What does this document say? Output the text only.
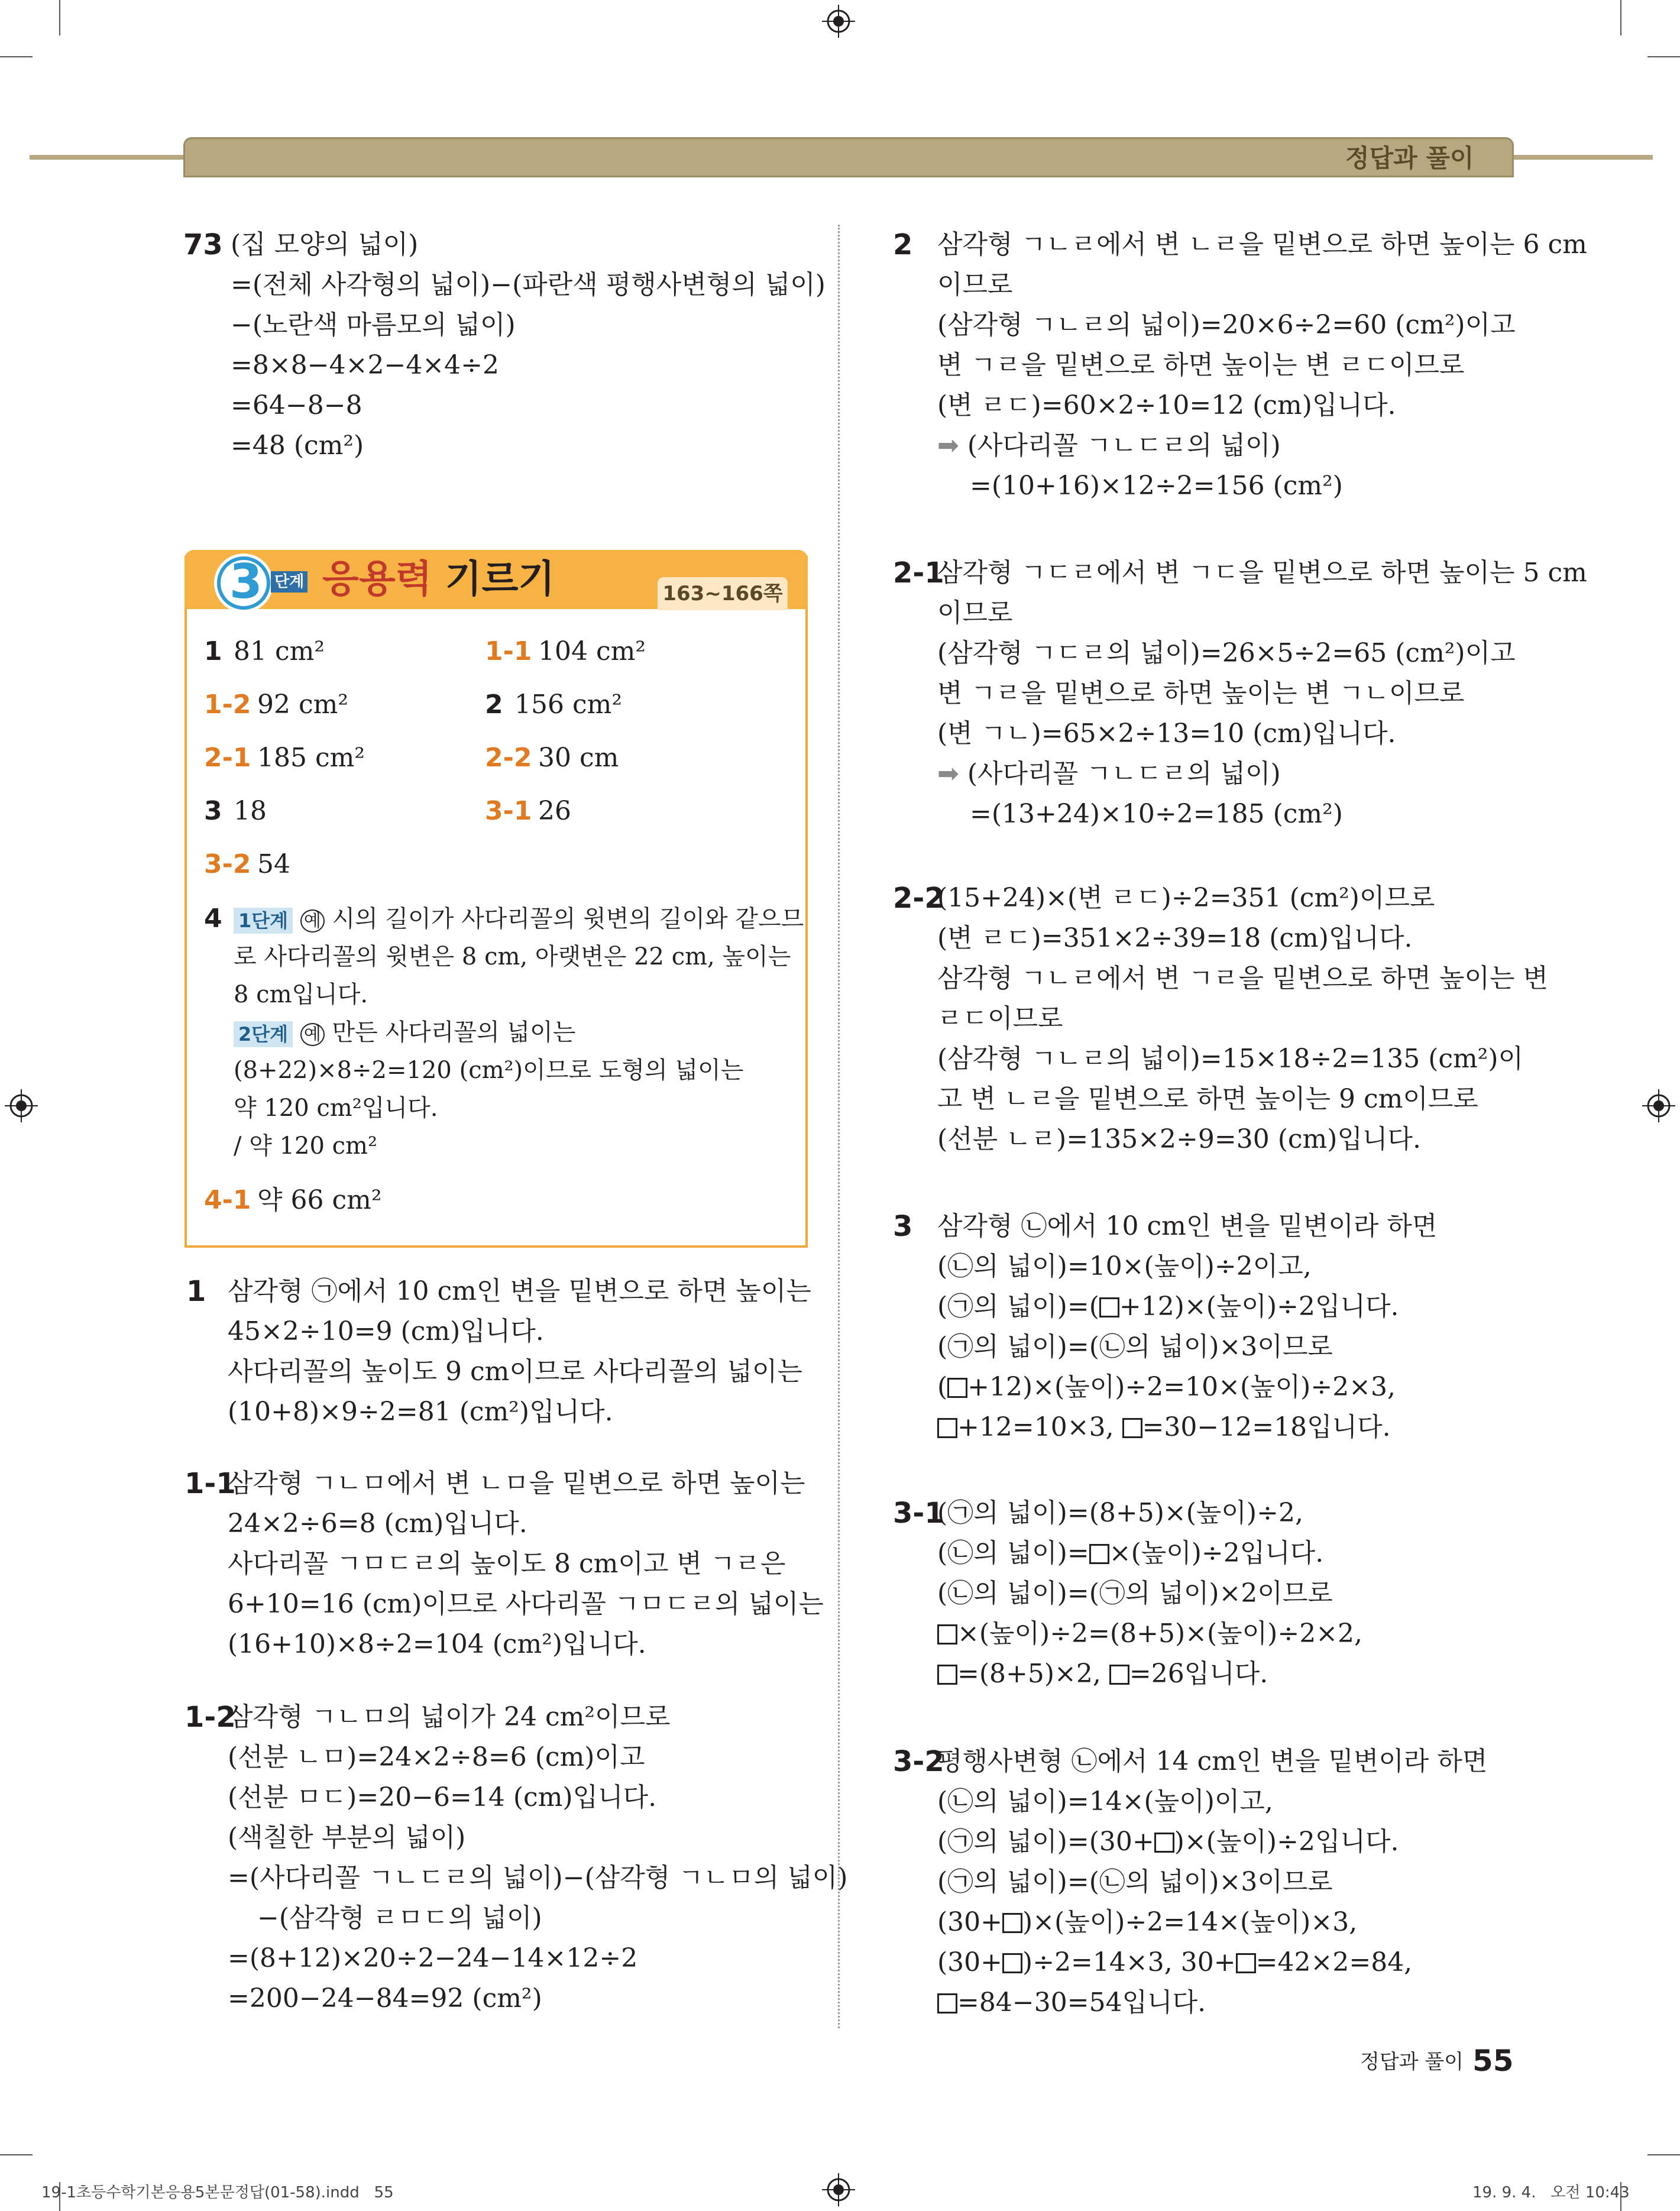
정답과 풀이
73 (집 모양의 넓이)
=(전체 사각형의 넓이)−(파란색 평행사변형의 넓이)
−(노란색 마름모의 넓이)
=8×8−4×2−4×4÷2
=64−8−8
=48 (cm²)
3 단계 응용력 기르기	163~166쪽
1 81 cm²	1-1 104 cm²
1-2 92 cm²	2 156 cm²
2-1 185 cm²	2-2 30 cm
3 18	3-1 26
3-2 54
4 1단계 예 시의 길이가 사다리꼴의 윗변의 길이와 같으므
로 사다리꼴의 윗변은 8 cm, 아랫변은 22 cm, 높이는
8 cm입니다.
2단계 예 만든 사다리꼴의 넓이는
(8+22)×8÷2=120 (cm²)이므로 도형의 넓이는
약 120 cm²입니다.
/ 약 120 cm²
4-1 약 66 cm²
1 삼각형 ㉠에서 10 cm인 변을 밑변으로 하면 높이는
45×2÷10=9 (cm)입니다.
사다리꼴의 높이도 9 cm이므로 사다리꼴의 넓이는
(10+8)×9÷2=81 (cm²)입니다.
1-1
삼각형 ㄱㄴㅁ에서 변 ㄴㅁ을 밑변으로 하면 높이는
24×2÷6=8 (cm)입니다.
사다리꼴 ㄱㅁㄷㄹ의 높이도 8 cm이고 변 ㄱㄹ은
6+10=16 (cm)이므로 사다리꼴 ㄱㅁㄷㄹ의 넓이는
(16+10)×8÷2=104 (cm²)입니다.
1-2
삼각형 ㄱㄴㅁ의 넓이가 24 cm²이므로
(선분 ㄴㅁ)=24×2÷8=6 (cm)이고
(선분 ㅁㄷ)=20−6=14 (cm)입니다.
(색칠한 부분의 넓이)
=(사다리꼴 ㄱㄴㄷㄹ의 넓이)−(삼각형 ㄱㄴㅁ의 넓이)
−(삼각형 ㄹㅁㄷ의 넓이)
=(8+12)×20÷2−24−14×12÷2
=200−24−84=92 (cm²)
2 삼각형 ㄱㄴㄹ에서 변 ㄴㄹ을 밑변으로 하면 높이는 6 cm
이므로
(삼각형 ㄱㄴㄹ의 넓이)=20×6÷2=60 (cm²)이고
변 ㄱㄹ을 밑변으로 하면 높이는 변 ㄹㄷ이므로
(변 ㄹㄷ)=60×2÷10=12 (cm)입니다.
➡ (사다리꼴 ㄱㄴㄷㄹ의 넓이)
=(10+16)×12÷2=156 (cm²)
2-1
삼각형 ㄱㄷㄹ에서 변 ㄱㄷ을 밑변으로 하면 높이는 5 cm
이므로
(삼각형 ㄱㄷㄹ의 넓이)=26×5÷2=65 (cm²)이고
변 ㄱㄹ을 밑변으로 하면 높이는 변 ㄱㄴ이므로
(변 ㄱㄴ)=65×2÷13=10 (cm)입니다.
➡ (사다리꼴 ㄱㄴㄷㄹ의 넓이)
=(13+24)×10÷2=185 (cm²)
2-2
(15+24)×(변 ㄹㄷ)÷2=351 (cm²)이므로
(변 ㄹㄷ)=351×2÷39=18 (cm)입니다.
삼각형 ㄱㄴㄹ에서 변 ㄱㄹ을 밑변으로 하면 높이는 변
ㄹㄷ이므로
(삼각형 ㄱㄴㄹ의 넓이)=15×18÷2=135 (cm²)이
고 변 ㄴㄹ을 밑변으로 하면 높이는 9 cm이므로
(선분 ㄴㄹ)=135×2÷9=30 (cm)입니다.
3 삼각형 ㉡에서 10 cm인 변을 밑변이라 하면
(㉡의 넓이)=10×(높이)÷2이고,
(㉠의 넓이)=( +12)×(높이)÷2입니다.
(㉠의 넓이)=(㉡의 넓이)×3이므로
( +12)×(높이)÷2=10×(높이)÷2×3,
+12=10×3, =30−12=18입니다.
3-1
(㉠의 넓이)=(8+5)×(높이)÷2,
(㉡의 넓이)= ×(높이)÷2입니다.
(㉡의 넓이)=(㉠의 넓이)×2이므로
×(높이)÷2=(8+5)×(높이)÷2×2,
=(8+5)×2, =26입니다.
3-2
평행사변형 ㉡에서 14 cm인 변을 밑변이라 하면
(㉡의 넓이)=14×(높이)이고,
(㉠의 넓이)=(30+ )×(높이)÷2입니다.
(㉠의 넓이)=(㉡의 넓이)×3이므로
(30+ )×(높이)÷2=14×(높이)×3,
(30+ )÷2=14×3, 30+ =42×2=84,
=84−30=54입니다.
정답과 풀이 55
19-1초등수학기본응용5본문정답(01-58).indd   55	19. 9. 4.   오전 10:43
